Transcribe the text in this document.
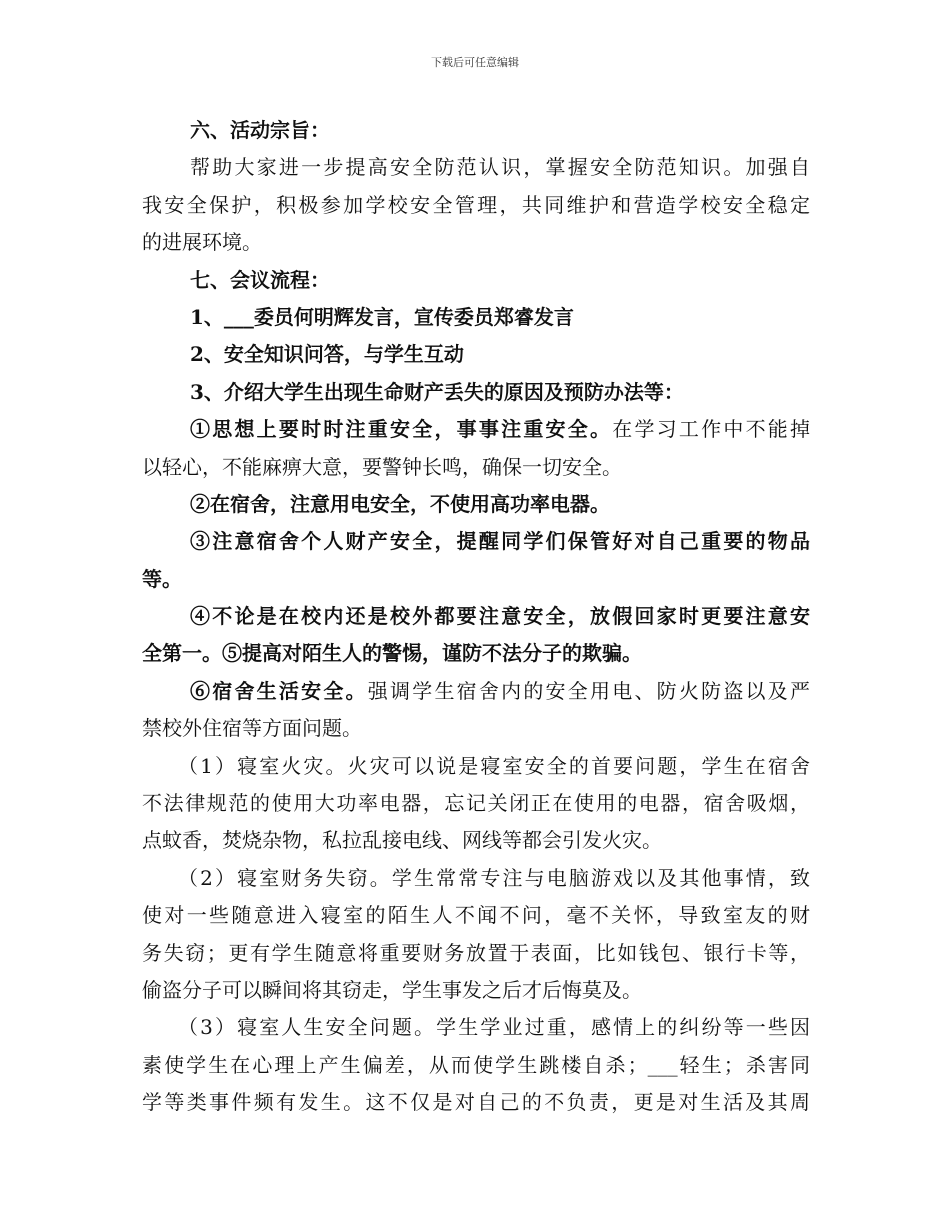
下载后可任意编辑
六、活动宗旨：
帮助大家进一步提高安全防范认识，掌握安全防范知识。加强自
我安全保护，积极参加学校安全管理，共同维护和营造学校安全稳定
的进展环境。
七、会议流程：
1、___委员何明辉发言，宣传委员郑睿发言
2、安全知识问答，与学生互动
3、介绍大学生出现生命财产丢失的原因及预防办法等：
①思想上要时时注重安全，事事注重安全。在学习工作中不能掉
以轻心，不能麻痹大意，要警钟长鸣，确保一切安全。
②在宿舍，注意用电安全，不使用高功率电器。
③注意宿舍个人财产安全，提醒同学们保管好对自己重要的物品
等。
④不论是在校内还是校外都要注意安全，放假回家时更要注意安
全第一。⑤提高对陌生人的警惕，谨防不法分子的欺骗。
⑥宿舍生活安全。强调学生宿舍内的安全用电、防火防盗以及严
禁校外住宿等方面问题。
（1）寝室火灾。火灾可以说是寝室安全的首要问题，学生在宿舍
不法律规范的使用大功率电器，忘记关闭正在使用的电器，宿舍吸烟，
点蚊香，焚烧杂物，私拉乱接电线、网线等都会引发火灾。
（2）寝室财务失窃。学生常常专注与电脑游戏以及其他事情，致
使对一些随意进入寝室的陌生人不闻不问，毫不关怀，导致室友的财
务失窃；更有学生随意将重要财务放置于表面，比如钱包、银行卡等，
偷盗分子可以瞬间将其窃走，学生事发之后才后悔莫及。
（3）寝室人生安全问题。学生学业过重，感情上的纠纷等一些因
素使学生在心理上产生偏差，从而使学生跳楼自杀；___轻生；杀害同
学等类事件频有发生。这不仅是对自己的不负责，更是对生活及其周
